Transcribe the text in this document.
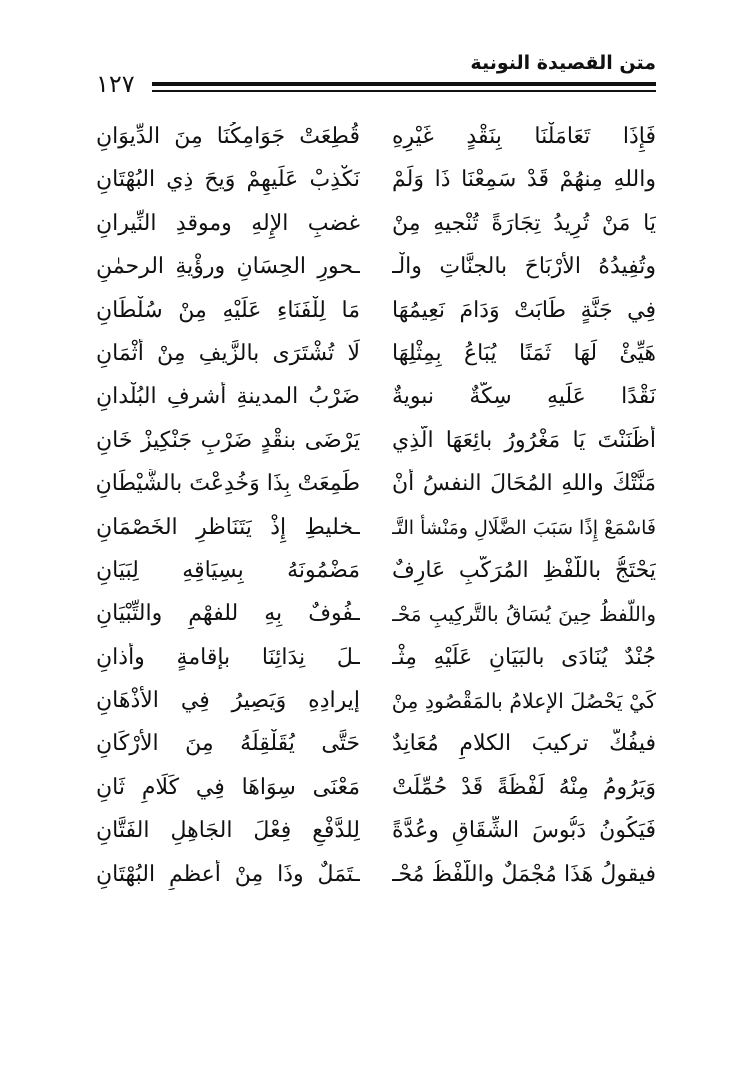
١٢٧
متن القصيدة النونية
فَإِذَا تَعَامَلْنَا بِنَقْدٍ غَيْرِهِ
قُطِعَتْ جَوَامِكُنَا مِنَ الدِّيوَانِ
واللهِ مِنهُمْ قَدْ سَمِعْنَا ذَا وَلَمْ
نَكْذِبْ عَلَيهِمْ وَيحَ ذِي البُهْتَانِ
يَا مَنْ تُرِيدُ تِجَارَةً تُنْجيهِ مِنْ
غضبِ الإِلهِ وموقدِ النِّيرانِ
وتُفِيدُهُ الأَرْبَاحَ بالجنَّاتِ والْـ
ـحورِ الحِسَانِ ورؤْيةِ الرحمٰنِ
فِي جَنَّةٍ طَابَتْ وَدَامَ نَعِيمُهَا
مَا لِلْفَنَاءِ عَلَيْهِ مِنْ سُلْطَانِ
هَيِّئْ لَهَا ثَمَنًا يُبَاعُ بِمِثْلِهَا
لَا تُشْتَرَى بالزَّيفِ مِنْ أَثْمَانِ
نَقْدًا عَلَيهِ سِكَّةٌ نبويةٌ
ضَرْبُ المدينةِ أشرفِ البُلْدانِ
أَظَنَنْتَ يَا مَغْرُورُ بائِعَهَا الَّذِي
يَرْضَى بنقْدٍ ضَرْبِ جَنْكِيزْ خَانِ
مَنَّتْكَ واللهِ المُحَالَ النفسُ أنْ
طَمِعَتْ بِذَا وَخُدِعْتَ بالشَّيْطَانِ
فَاسْمَعْ إِذًا سَبَبَ الضَّلَالِ ومَنْشأَ التَّـ
ـخليطِ إِذْ يَتَنَاظرِ الخَصْمَانِ
يَحْتَجُّ باللَّفْظِ المُرَكَّبِ عَارِفٌ
مَضْمُونَهُ بِسِيَاقِهِ لِبَيَانِ
واللَّفظُ حِينَ يُسَاقُ بالتَّركِيبِ مَحْـ
ـفُوفٌ بِهِ للفهْمِ والتِّبْيَانِ
جُنْدٌ يُنَادَى بالبَيَانِ عَلَيْهِ مِثْـ
ـلَ نِدَائِنَا بإقامةٍ وأذانِ
كَيْ يَحْصُلَ الإعلامُ بالمَقْصُودِ مِنْ
إيرادِهِ وَيَصِيرُ فِي الأَذْهَانِ
فيفُكُّ تركيبَ الكلامِ مُعَانِدٌ
حَتَّى يُقَلْقِلَهُ مِنَ الأَرْكَانِ
وَيَرُومُ مِنْهُ لَفْظَةً قَدْ حُمِّلَتْ
مَعْنَى سِوَاهَا فِي كَلَامٍ ثَانِ
فَيَكُونُ دَبُّوسَ الشِّقَاقِ وعُدَّةً
لِلدَّفْعِ فِعْلَ الجَاهِلِ الفَتَّانِ
فيقولُ هَذَا مُجْمَلٌ واللَّفْظُ مُحْـ
ـتَمَلٌ وذَا مِنْ أعظمِ البُهْتَانِ
